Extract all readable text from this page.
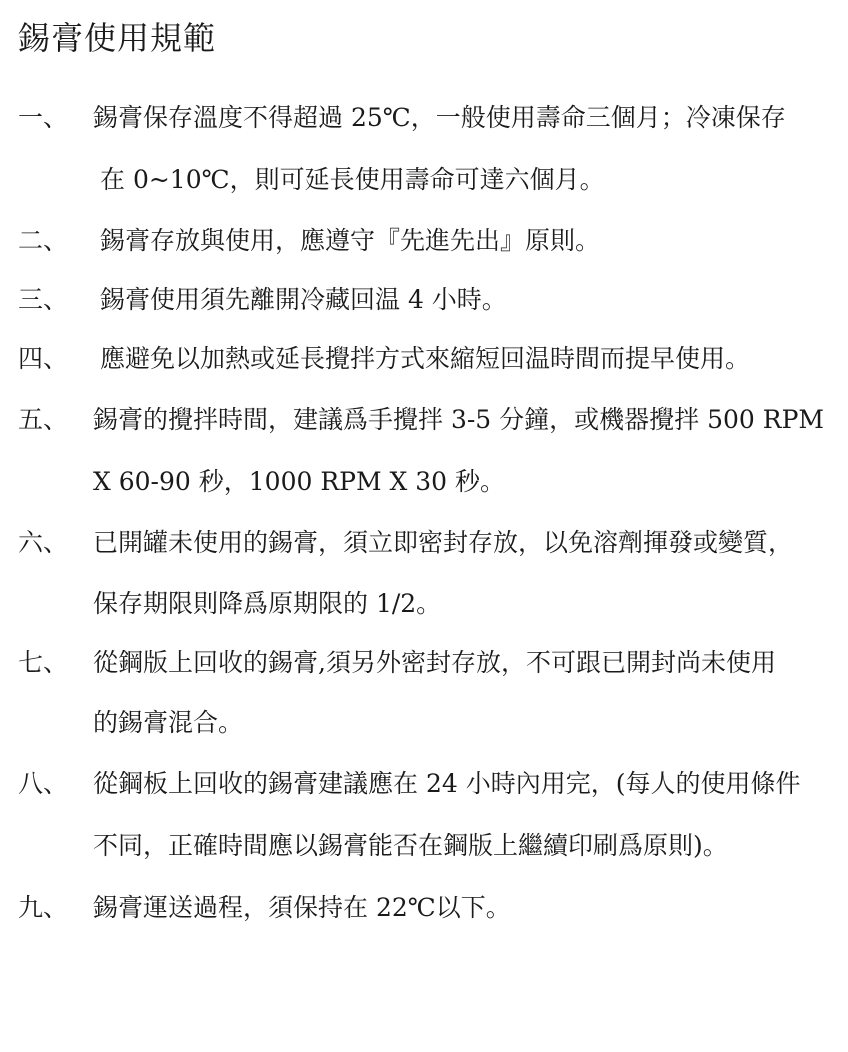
錫膏使用規範
一、 錫膏保存溫度不得超過 25℃，一般使用壽命三個月；冷凍保存
在 0~10℃，則可延長使用壽命可達六個月。
二、 錫膏存放與使用，應遵守『先進先出』原則。
三、 錫膏使用須先離開冷藏回温 4 小時。
四、 應避免以加熱或延長攪拌方式來縮短回温時間而提早使用。
五、 錫膏的攪拌時間，建議爲手攪拌 3-5 分鐘，或機器攪拌 500 RPM
X 60-90 秒，1000 RPM X 30 秒。
六、 已開罐未使用的錫膏，須立即密封存放，以免溶劑揮發或變質，
保存期限則降爲原期限的 1/2。
七、 從鋼版上回收的錫膏,須另外密封存放，不可跟已開封尚未使用
的錫膏混合。
八、 從鋼板上回收的錫膏建議應在 24 小時內用完，(每人的使用條件
不同，正確時間應以錫膏能否在鋼版上繼續印刷爲原則)。
九、 錫膏運送過程，須保持在 22℃以下。
